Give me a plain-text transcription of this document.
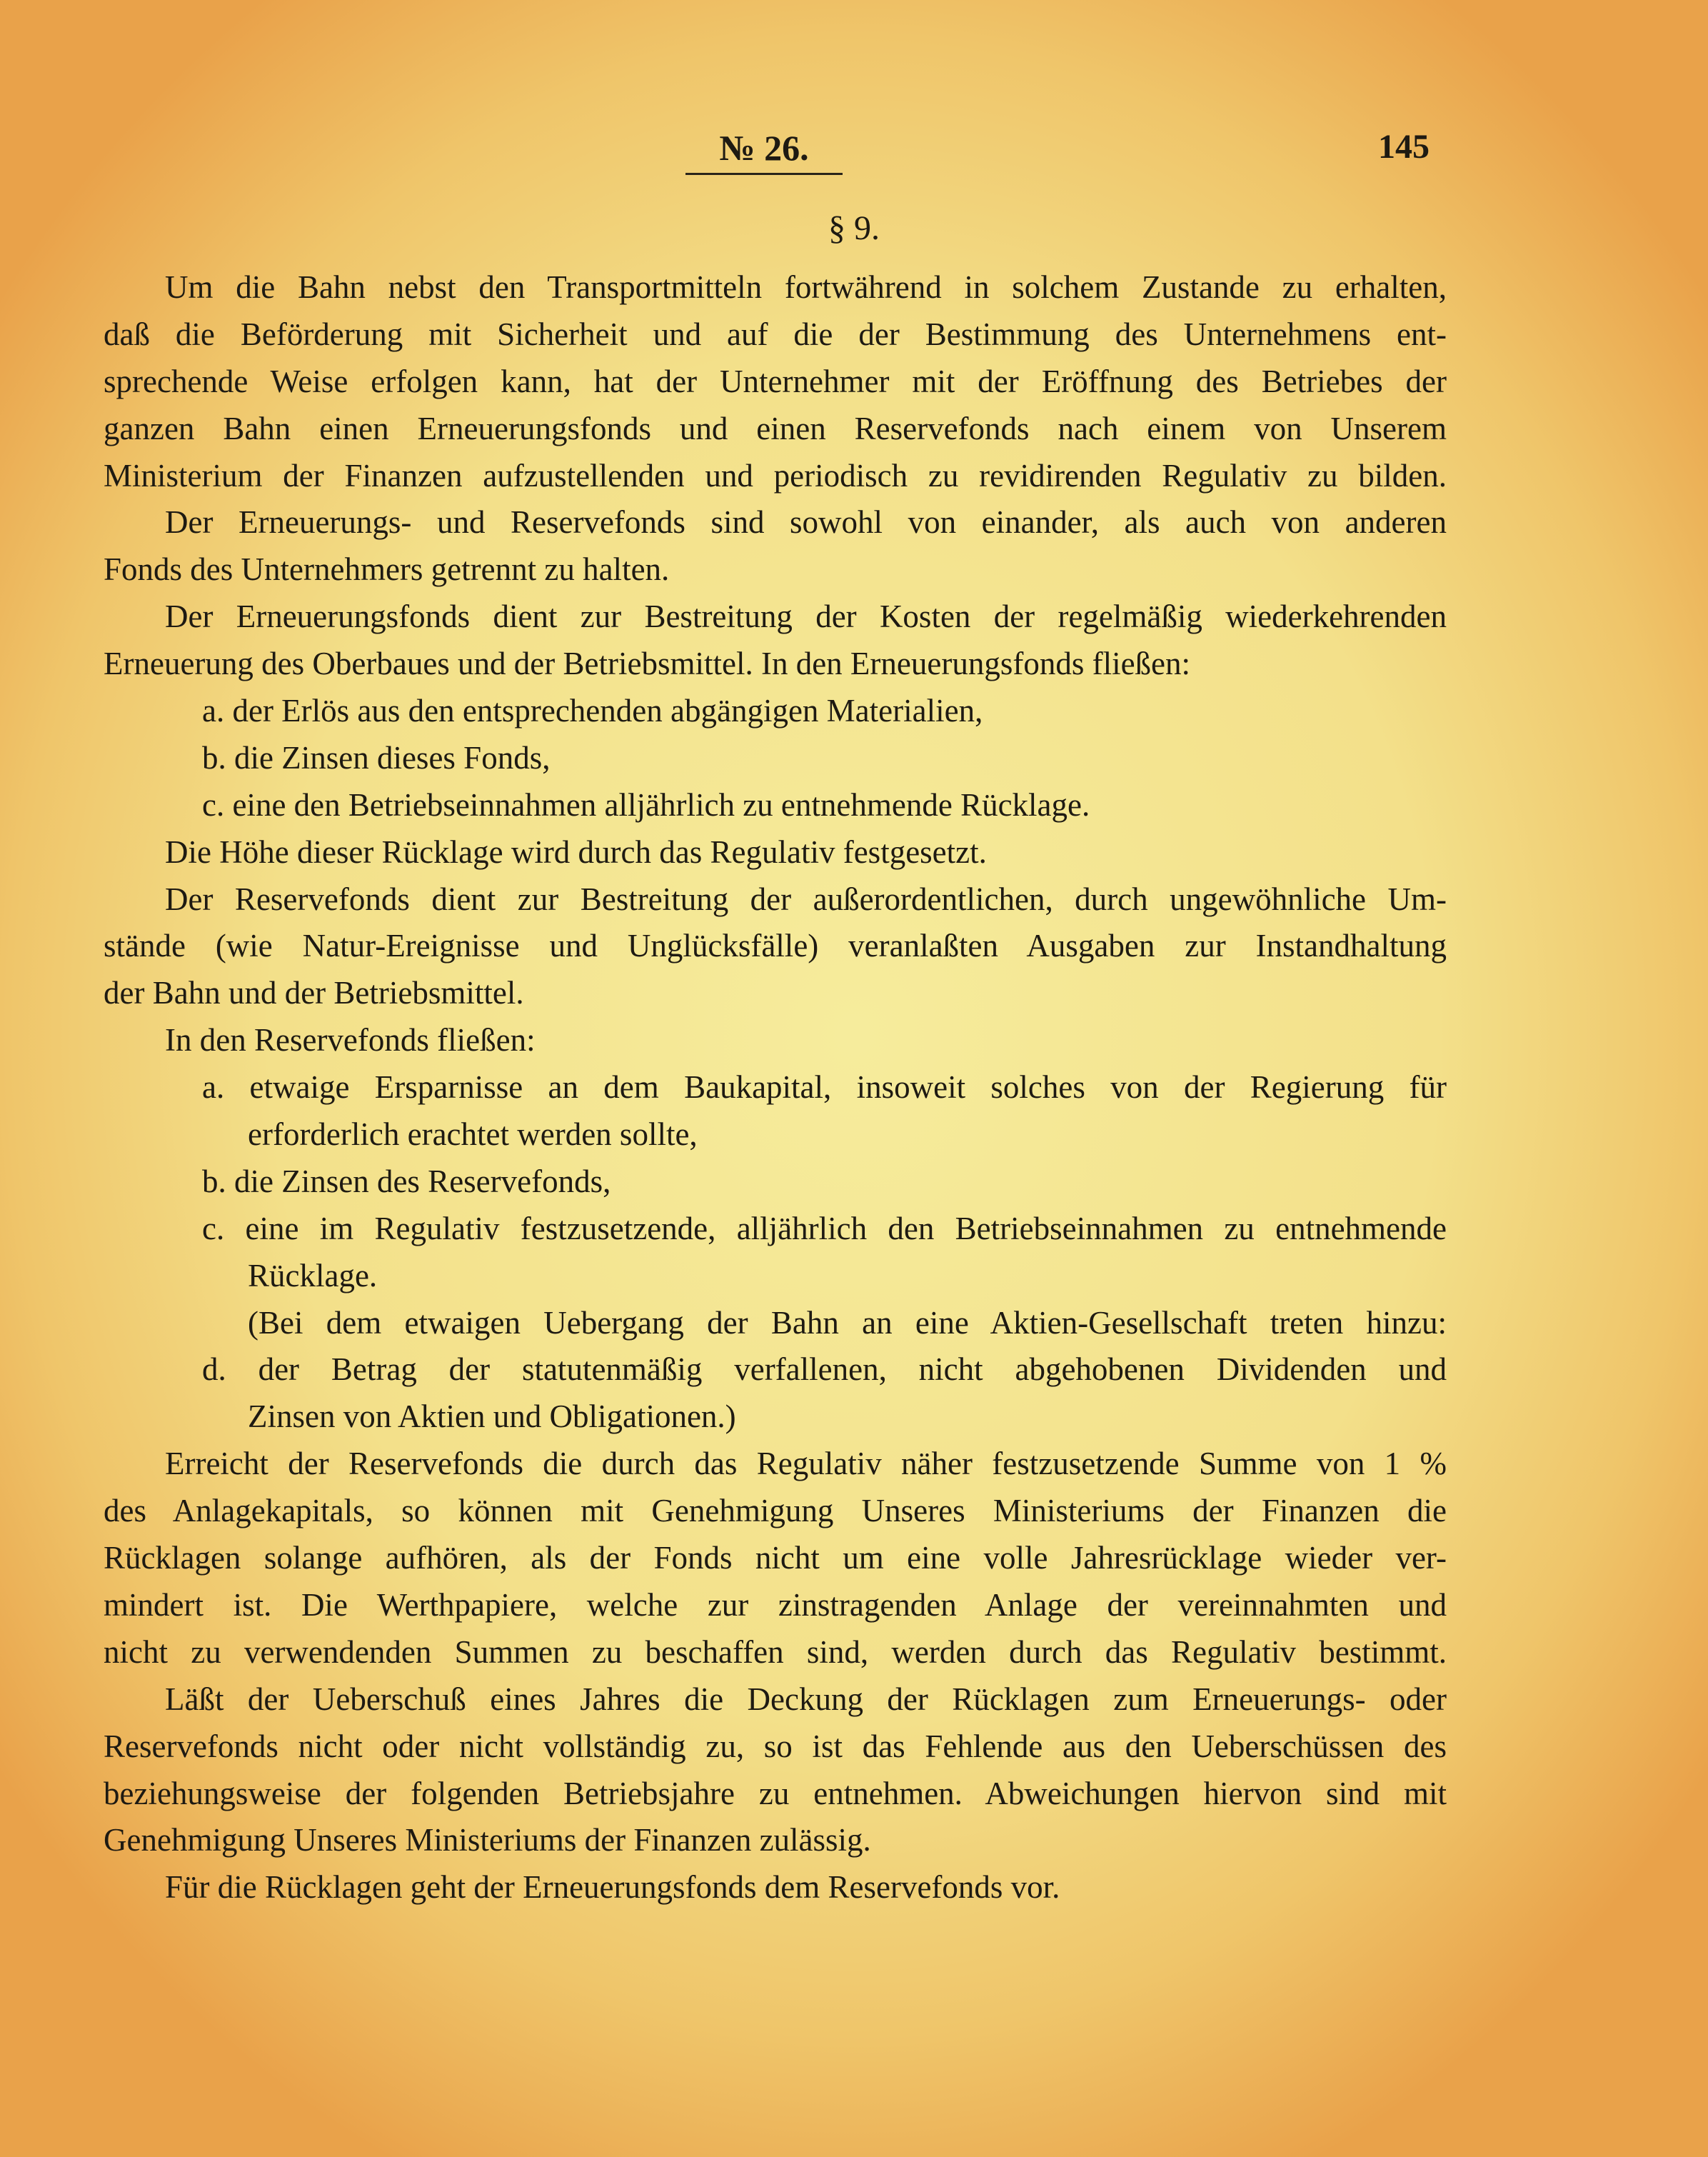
№ 26.	145
§ 9.
Um die Bahn nebst den Transportmitteln fortwährend in solchem Zustande zu erhalten,
daß die Beförderung mit Sicherheit und auf die der Bestimmung des Unternehmens ent-
sprechende Weise erfolgen kann, hat der Unternehmer mit der Eröffnung des Betriebes der
ganzen Bahn einen Erneuerungsfonds und einen Reservefonds nach einem von Unserem
Ministerium der Finanzen aufzustellenden und periodisch zu revidirenden Regulativ zu bilden.
Der Erneuerungs- und Reservefonds sind sowohl von einander, als auch von anderen
Fonds des Unternehmers getrennt zu halten.
Der Erneuerungsfonds dient zur Bestreitung der Kosten der regelmäßig wiederkehrenden
Erneuerung des Oberbaues und der Betriebsmittel. In den Erneuerungsfonds fließen:
a. der Erlös aus den entsprechenden abgängigen Materialien,
b. die Zinsen dieses Fonds,
c. eine den Betriebseinnahmen alljährlich zu entnehmende Rücklage.
Die Höhe dieser Rücklage wird durch das Regulativ festgesetzt.
Der Reservefonds dient zur Bestreitung der außerordentlichen, durch ungewöhnliche Um-
stände (wie Natur-Ereignisse und Unglücksfälle) veranlaßten Ausgaben zur Instandhaltung
der Bahn und der Betriebsmittel.
In den Reservefonds fließen:
a. etwaige Ersparnisse an dem Baukapital, insoweit solches von der Regierung für
erforderlich erachtet werden sollte,
b. die Zinsen des Reservefonds,
c. eine im Regulativ festzusetzende, alljährlich den Betriebseinnahmen zu entnehmende
Rücklage.
(Bei dem etwaigen Uebergang der Bahn an eine Aktien-Gesellschaft treten hinzu:
d. der Betrag der statutenmäßig verfallenen, nicht abgehobenen Dividenden und
Zinsen von Aktien und Obligationen.)
Erreicht der Reservefonds die durch das Regulativ näher festzusetzende Summe von 1 %
des Anlagekapitals, so können mit Genehmigung Unseres Ministeriums der Finanzen die
Rücklagen solange aufhören, als der Fonds nicht um eine volle Jahresrücklage wieder ver-
mindert ist. Die Werthpapiere, welche zur zinstragenden Anlage der vereinnahmten und
nicht zu verwendenden Summen zu beschaffen sind, werden durch das Regulativ bestimmt.
Läßt der Ueberschuß eines Jahres die Deckung der Rücklagen zum Erneuerungs- oder
Reservefonds nicht oder nicht vollständig zu, so ist das Fehlende aus den Ueberschüssen des
beziehungsweise der folgenden Betriebsjahre zu entnehmen. Abweichungen hiervon sind mit
Genehmigung Unseres Ministeriums der Finanzen zulässig.
Für die Rücklagen geht der Erneuerungsfonds dem Reservefonds vor.
